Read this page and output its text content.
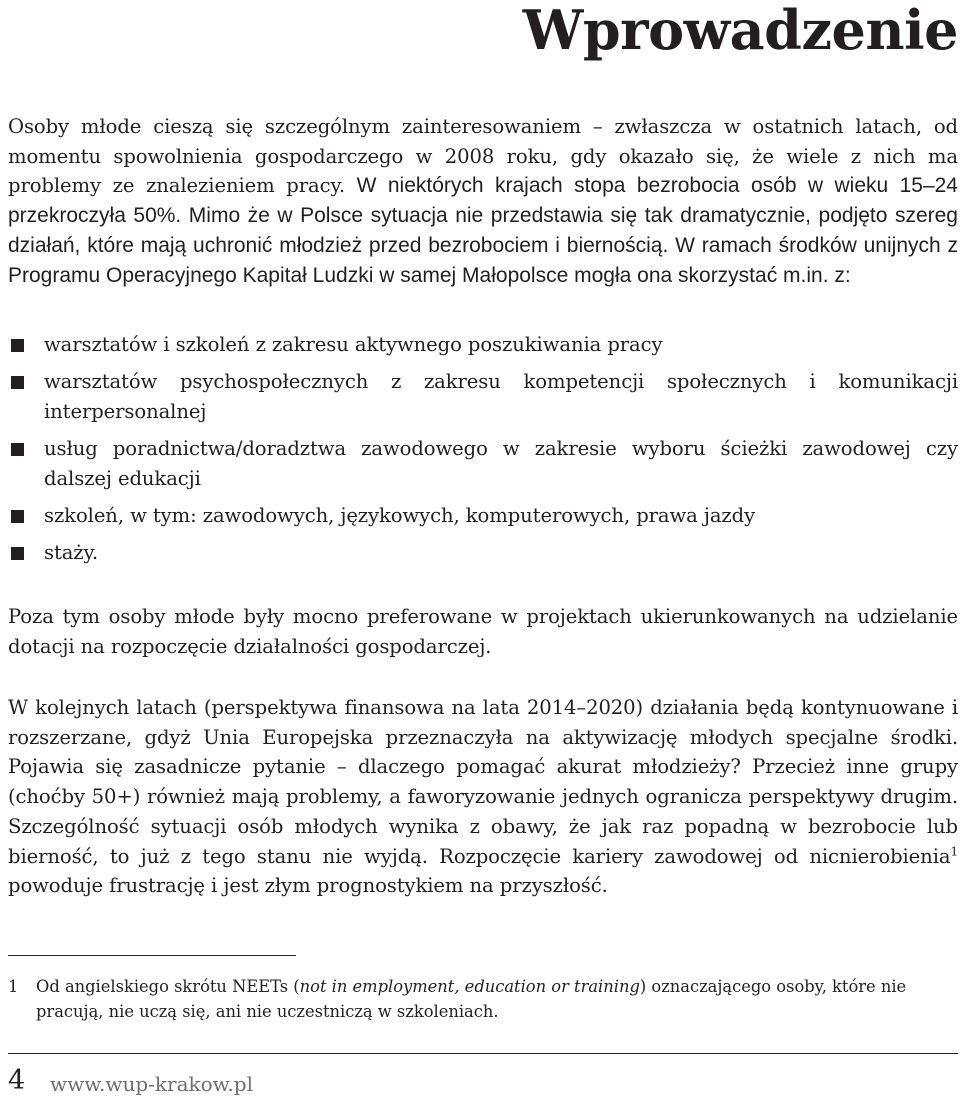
Wprowadzenie

Osoby młode cieszą się szczególnym zainteresowaniem – zwłaszcza w ostatnich latach, od momentu spowolnienia gospodarczego w 2008 roku, gdy okazało się, że wiele z nich ma problemy ze znalezieniem pracy. W niektórych krajach stopa bezrobocia osób w wieku 15–24 przekroczyła 50%. Mimo że w Polsce sytuacja nie przedstawia się tak dramatycznie, podjęto szereg działań, które mają uchronić młodzież przed bezrobociem i biernością. W ramach środków unijnych z Programu Operacyjnego Kapitał Ludzki w samej Małopolsce mogła ona skorzystać m.in. z:

warsztatów i szkoleń z zakresu aktywnego poszukiwania pracy
warsztatów psychospołecznych z zakresu kompetencji społecznych i komunikacji interpersonalnej
usług poradnictwa/doradztwa zawodowego w zakresie wyboru ścieżki zawodowej czy dalszej edukacji
szkoleń, w tym: zawodowych, językowych, komputerowych, prawa jazdy
staży.

Poza tym osoby młode były mocno preferowane w projektach ukierunkowanych na udzielanie dotacji na rozpoczęcie działalności gospodarczej.

W kolejnych latach (perspektywa finansowa na lata 2014–2020) działania będą kontynuowane i rozszerzane, gdyż Unia Europejska przeznaczyła na aktywizację młodych specjalne środki. Pojawia się zasadnicze pytanie – dlaczego pomagać akurat młodzieży? Przecież inne grupy (choćby 50+) również mają problemy, a faworyzowanie jednych ogranicza perspektywy drugim. Szczególność sytuacji osób młodych wynika z obawy, że jak raz popadną w bezrobocie lub bierność, to już z tego stanu nie wyjdą. Rozpoczęcie kariery zawodowej od nicnierobienia$^1$ powoduje frustrację i jest złym prognostykiem na przyszłość.

1 Od angielskiego skrótu NEETs (not in employment, education or training) oznaczającego osoby, które nie pracują, nie uczą się, ani nie uczestniczą w szkoleniach.
4 www.wup-krakow.pl
